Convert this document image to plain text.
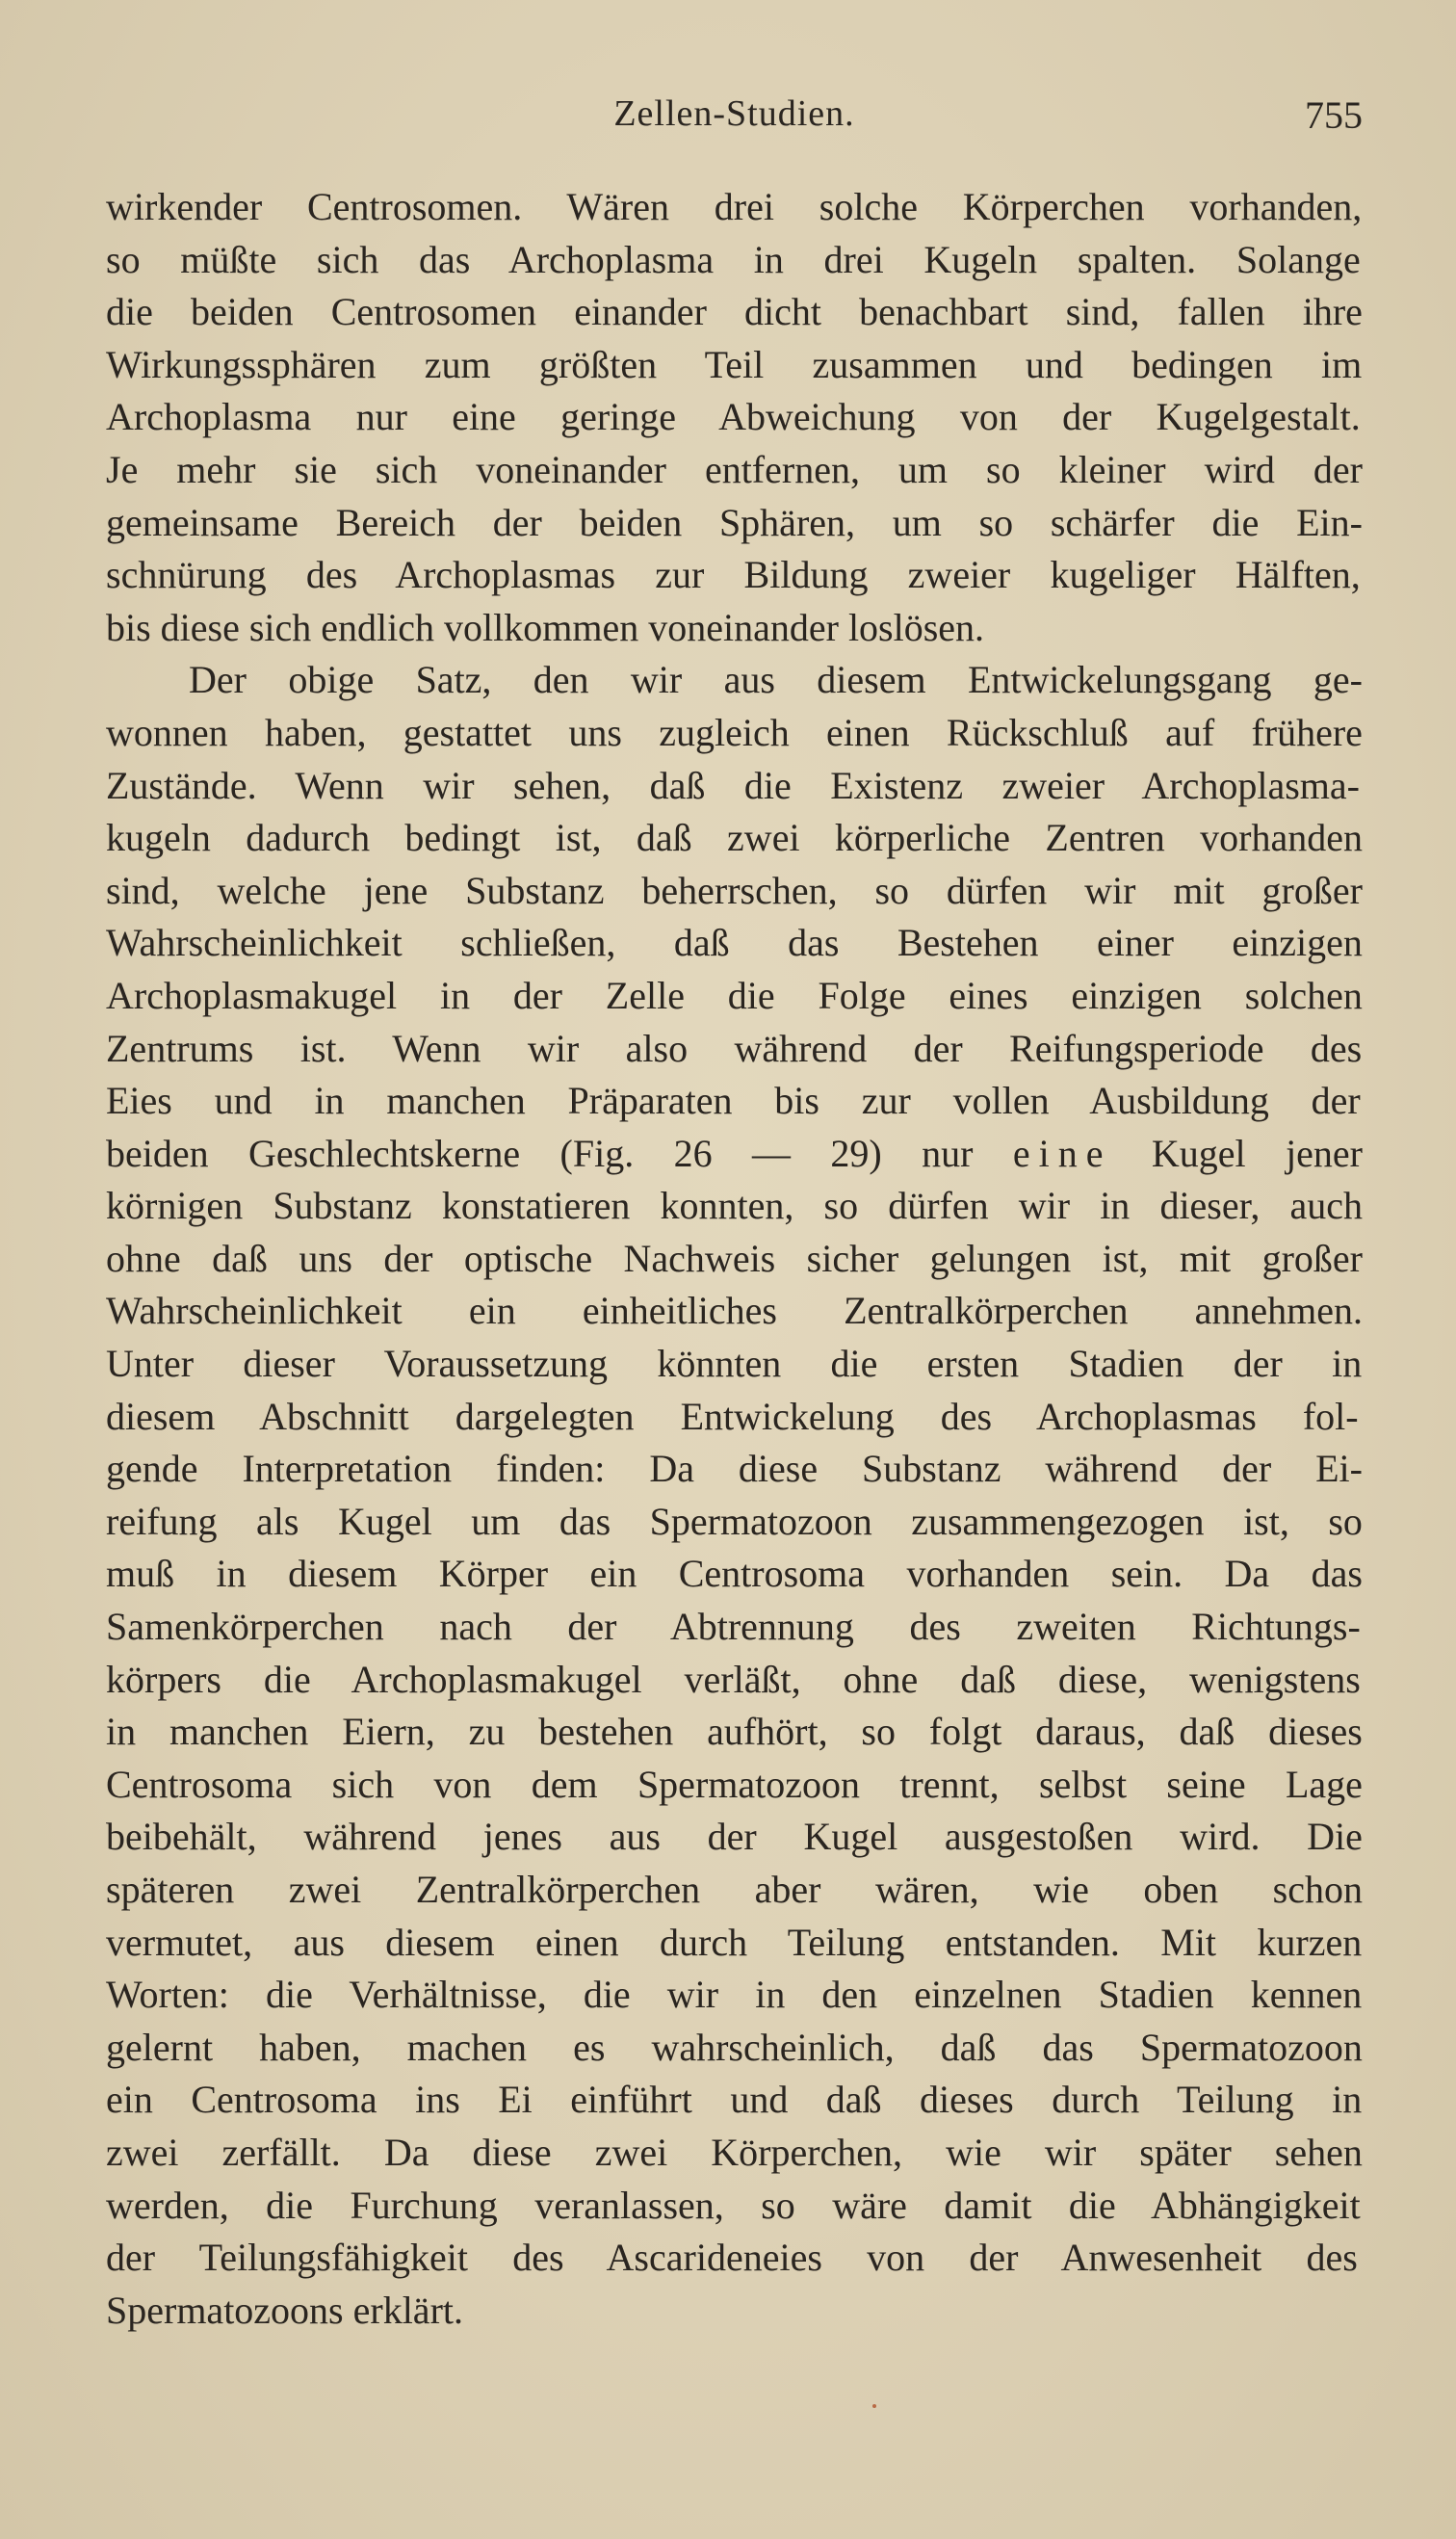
Zellen-Studien.	755
wirkender Centrosomen. Wären drei solche Körperchen vorhanden,
so müßte sich das Archoplasma in drei Kugeln spalten. Solange
die beiden Centrosomen einander dicht benachbart sind, fallen ihre
Wirkungssphären zum größten Teil zusammen und bedingen im
Archoplasma nur eine geringe Abweichung von der Kugelgestalt.
Je mehr sie sich voneinander entfernen, um so kleiner wird der
gemeinsame Bereich der beiden Sphären, um so schärfer die Ein-
schnürung des Archoplasmas zur Bildung zweier kugeliger Hälften,
bis diese sich endlich vollkommen voneinander loslösen.
Der obige Satz, den wir aus diesem Entwickelungsgang ge-
wonnen haben, gestattet uns zugleich einen Rückschluß auf frühere
Zustände. Wenn wir sehen, daß die Existenz zweier Archoplasma-
kugeln dadurch bedingt ist, daß zwei körperliche Zentren vorhanden
sind, welche jene Substanz beherrschen, so dürfen wir mit großer
Wahrscheinlichkeit schließen, daß das Bestehen einer einzigen
Archoplasmakugel in der Zelle die Folge eines einzigen solchen
Zentrums ist. Wenn wir also während der Reifungsperiode des
Eies und in manchen Präparaten bis zur vollen Ausbildung der
beiden Geschlechtskerne (Fig. 26 — 29) nur eine Kugel jener
körnigen Substanz konstatieren konnten, so dürfen wir in dieser, auch
ohne daß uns der optische Nachweis sicher gelungen ist, mit großer
Wahrscheinlichkeit ein einheitliches Zentralkörperchen annehmen.
Unter dieser Voraussetzung könnten die ersten Stadien der in
diesem Abschnitt dargelegten Entwickelung des Archoplasmas fol-
gende Interpretation finden: Da diese Substanz während der Ei-
reifung als Kugel um das Spermatozoon zusammengezogen ist, so
muß in diesem Körper ein Centrosoma vorhanden sein. Da das
Samenkörperchen nach der Abtrennung des zweiten Richtungs-
körpers die Archoplasmakugel verläßt, ohne daß diese, wenigstens
in manchen Eiern, zu bestehen aufhört, so folgt daraus, daß dieses
Centrosoma sich von dem Spermatozoon trennt, selbst seine Lage
beibehält, während jenes aus der Kugel ausgestoßen wird. Die
späteren zwei Zentralkörperchen aber wären, wie oben schon
vermutet, aus diesem einen durch Teilung entstanden. Mit kurzen
Worten: die Verhältnisse, die wir in den einzelnen Stadien kennen
gelernt haben, machen es wahrscheinlich, daß das Spermatozoon
ein Centrosoma ins Ei einführt und daß dieses durch Teilung in
zwei zerfällt. Da diese zwei Körperchen, wie wir später sehen
werden, die Furchung veranlassen, so wäre damit die Abhängigkeit
der Teilungsfähigkeit des Ascarideneies von der Anwesenheit des
Spermatozoons erklärt.
